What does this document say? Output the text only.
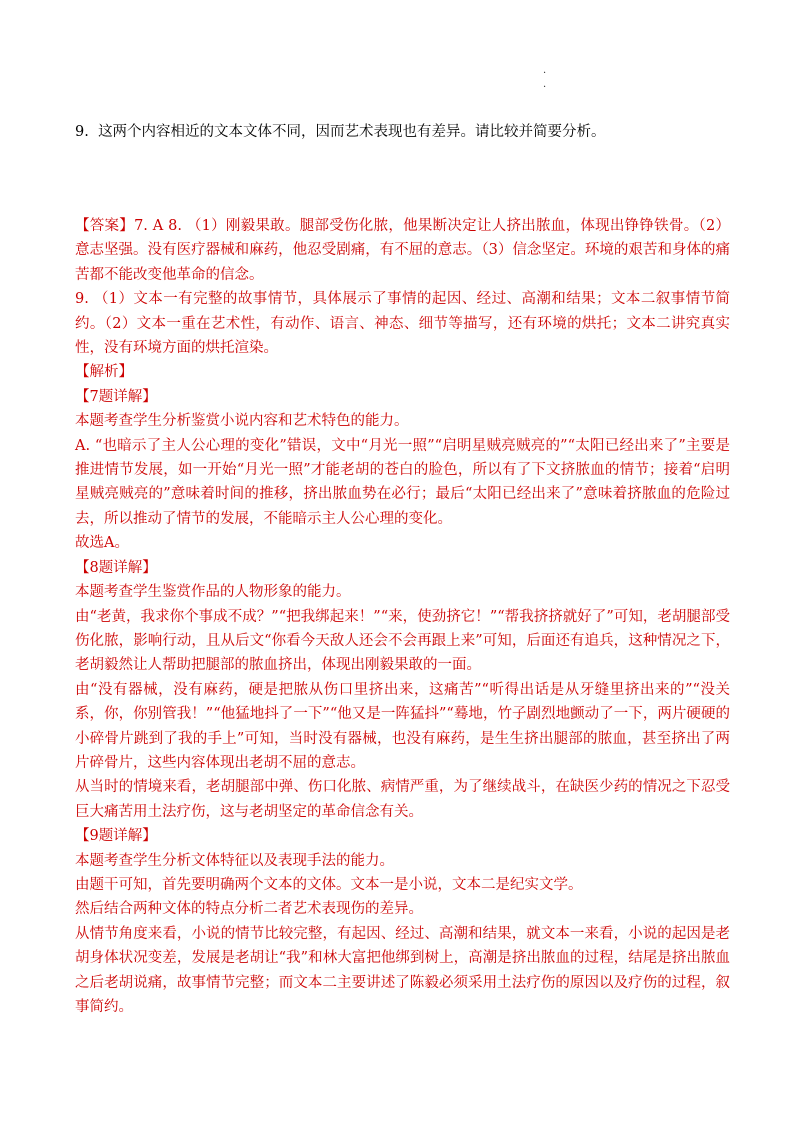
·
·
9. 这两个内容相近的文本文体不同，因而艺术表现也有差异。请比较并简要分析。

【答案】7. A 8. （1）刚毅果敢。腿部受伤化脓，他果断决定让人挤出脓血，体现出铮铮铁骨。（2）意志坚强。没有医疗器械和麻药，他忍受剧痛，有不屈的意志。（3）信念坚定。环境的艰苦和身体的痛苦都不能改变他革命的信念。

9. （1）文本一有完整的故事情节，具体展示了事情的起因、经过、高潮和结果；文本二叙事情节简约。（2）文本一重在艺术性，有动作、语言、神态、细节等描写，还有环境的烘托；文本二讲究真实性，没有环境方面的烘托渲染。

【解析】

【7题详解】

本题考查学生分析鉴赏小说内容和艺术特色的能力。

A. “也暗示了主人公心理的变化”错误，文中“月光一照”“启明星贼亮贼亮的”“太阳已经出来了”主要是推进情节发展，如一开始“月光一照”才能老胡的苍白的脸色，所以有了下文挤脓血的情节；接着“启明星贼亮贼亮的”意味着时间的推移，挤出脓血势在必行；最后“太阳已经出来了”意味着挤脓血的危险过去，所以推动了情节的发展，不能暗示主人公心理的变化。

故选A。

【8题详解】

本题考查学生鉴赏作品的人物形象的能力。

由“老黄，我求你个事成不成？”“把我绑起来！”“来，使劲挤它！”“帮我挤挤就好了”可知，老胡腿部受伤化脓，影响行动，且从后文“你看今天敌人还会不会再跟上来”可知，后面还有追兵，这种情况之下，老胡毅然让人帮助把腿部的脓血挤出，体现出刚毅果敢的一面。

由“没有器械，没有麻药，硬是把脓从伤口里挤出来，这痛苦”“听得出话是从牙缝里挤出来的”“没关系，你，你别管我！”“他猛地抖了一下”“他又是一阵猛抖”“蓦地，竹子剧烈地颤动了一下，两片硬硬的小碎骨片跳到了我的手上”可知，当时没有器械，也没有麻药，是生生挤出腿部的脓血，甚至挤出了两片碎骨片，这些内容体现出老胡不屈的意志。

从当时的情境来看，老胡腿部中弹、伤口化脓、病情严重，为了继续战斗，在缺医少药的情况之下忍受巨大痛苦用土法疗伤，这与老胡坚定的革命信念有关。

【9题详解】

本题考查学生分析文体特征以及表现手法的能力。

由题干可知，首先要明确两个文本的文体。文本一是小说，文本二是纪实文学。

然后结合两种文体的特点分析二者艺术表现伤的差异。

从情节角度来看，小说的情节比较完整，有起因、经过、高潮和结果，就文本一来看，小说的起因是老胡身体状况变差，发展是老胡让“我”和林大富把他绑到树上，高潮是挤出脓血的过程，结尾是挤出脓血之后老胡说痛，故事情节完整；而文本二主要讲述了陈毅必须采用土法疗伤的原因以及疗伤的过程，叙事简约。
